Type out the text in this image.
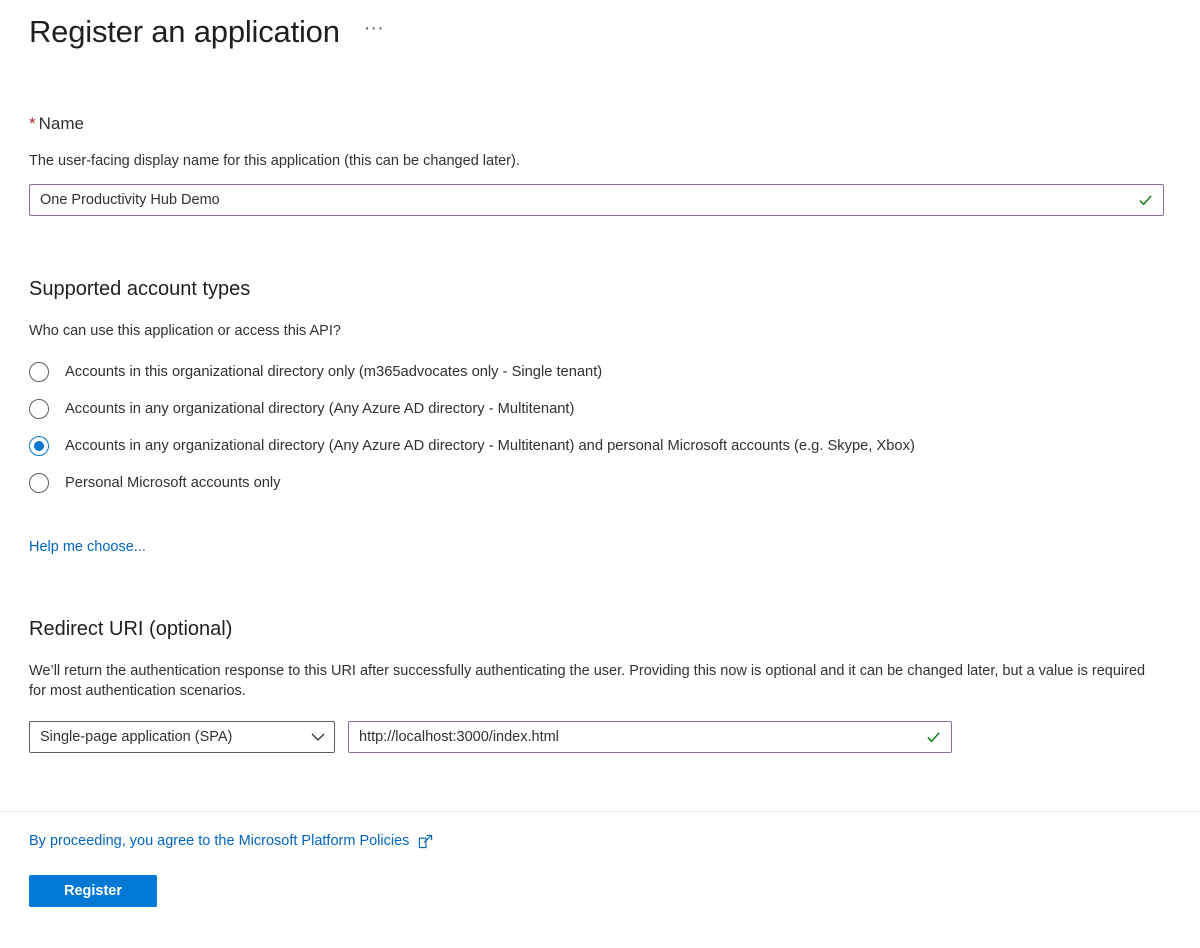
Register an application	···
* Name
The user-facing display name for this application (this can be changed later).
One Productivity Hub Demo
Supported account types
Who can use this application or access this API?
Accounts in this organizational directory only (m365advocates only - Single tenant)
Accounts in any organizational directory (Any Azure AD directory - Multitenant)
Accounts in any organizational directory (Any Azure AD directory - Multitenant) and personal Microsoft accounts (e.g. Skype, Xbox)
Personal Microsoft accounts only
Help me choose...
Redirect URI (optional)
We’ll return the authentication response to this URI after successfully authenticating the user. Providing this now is optional and it can be changed later, but a value is required for most authentication scenarios.
Single-page application (SPA)
http://localhost:3000/index.html
By proceeding, you agree to the Microsoft Platform Policies
Register
